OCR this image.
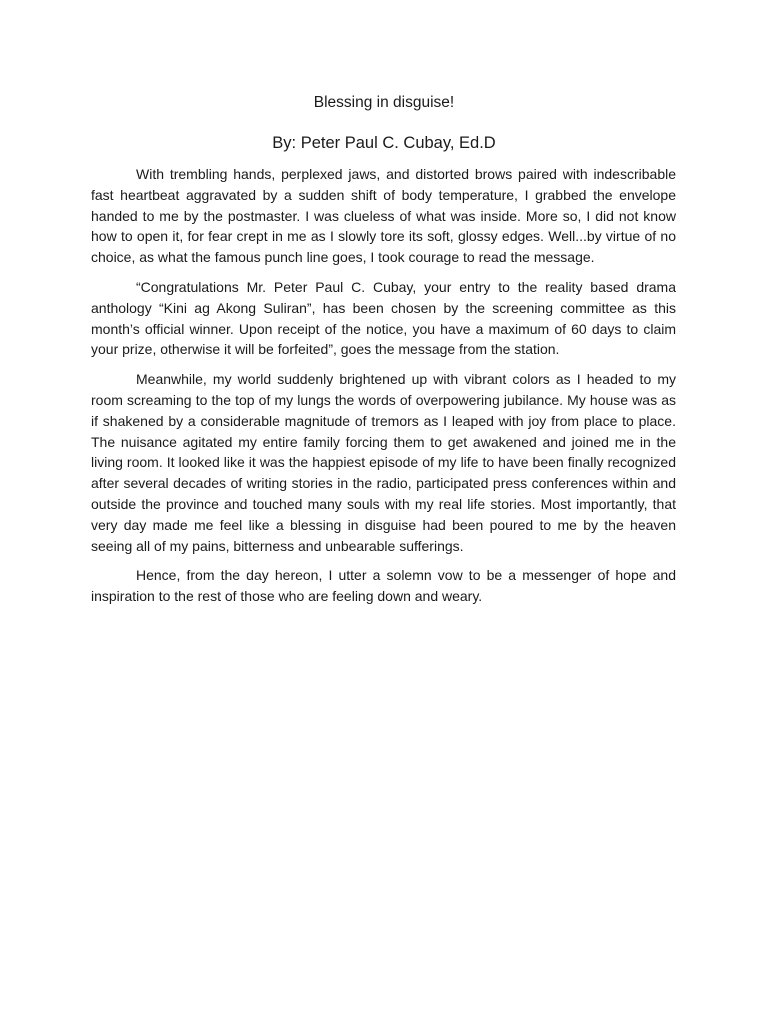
Blessing in disguise!
By: Peter Paul C. Cubay, Ed.D

With trembling hands, perplexed jaws, and distorted brows paired with indescribable fast heartbeat aggravated by a sudden shift of body temperature, I grabbed the envelope handed to me by the postmaster. I was clueless of what was inside. More so, I did not know how to open it, for fear crept in me as I slowly tore its soft, glossy edges. Well...by virtue of no choice, as what the famous punch line goes, I took courage to read the message.

“Congratulations Mr. Peter Paul C. Cubay, your entry to the reality based drama anthology “Kini ag Akong Suliran”, has been chosen by the screening committee as this month’s official winner. Upon receipt of the notice, you have a maximum of 60 days to claim your prize, otherwise it will be forfeited”, goes the message from the station.

Meanwhile, my world suddenly brightened up with vibrant colors as I headed to my room screaming to the top of my lungs the words of overpowering jubilance. My house was as if shakened by a considerable magnitude of tremors as I leaped with joy from place to place. The nuisance agitated my entire family forcing them to get awakened and joined me in the living room. It looked like it was the happiest episode of my life to have been finally recognized after several decades of writing stories in the radio, participated press conferences within and outside the province and touched many souls with my real life stories. Most importantly, that very day made me feel like a blessing in disguise had been poured to me by the heaven seeing all of my pains, bitterness and unbearable sufferings.

Hence, from the day hereon, I utter a solemn vow to be a messenger of hope and inspiration to the rest of those who are feeling down and weary.
